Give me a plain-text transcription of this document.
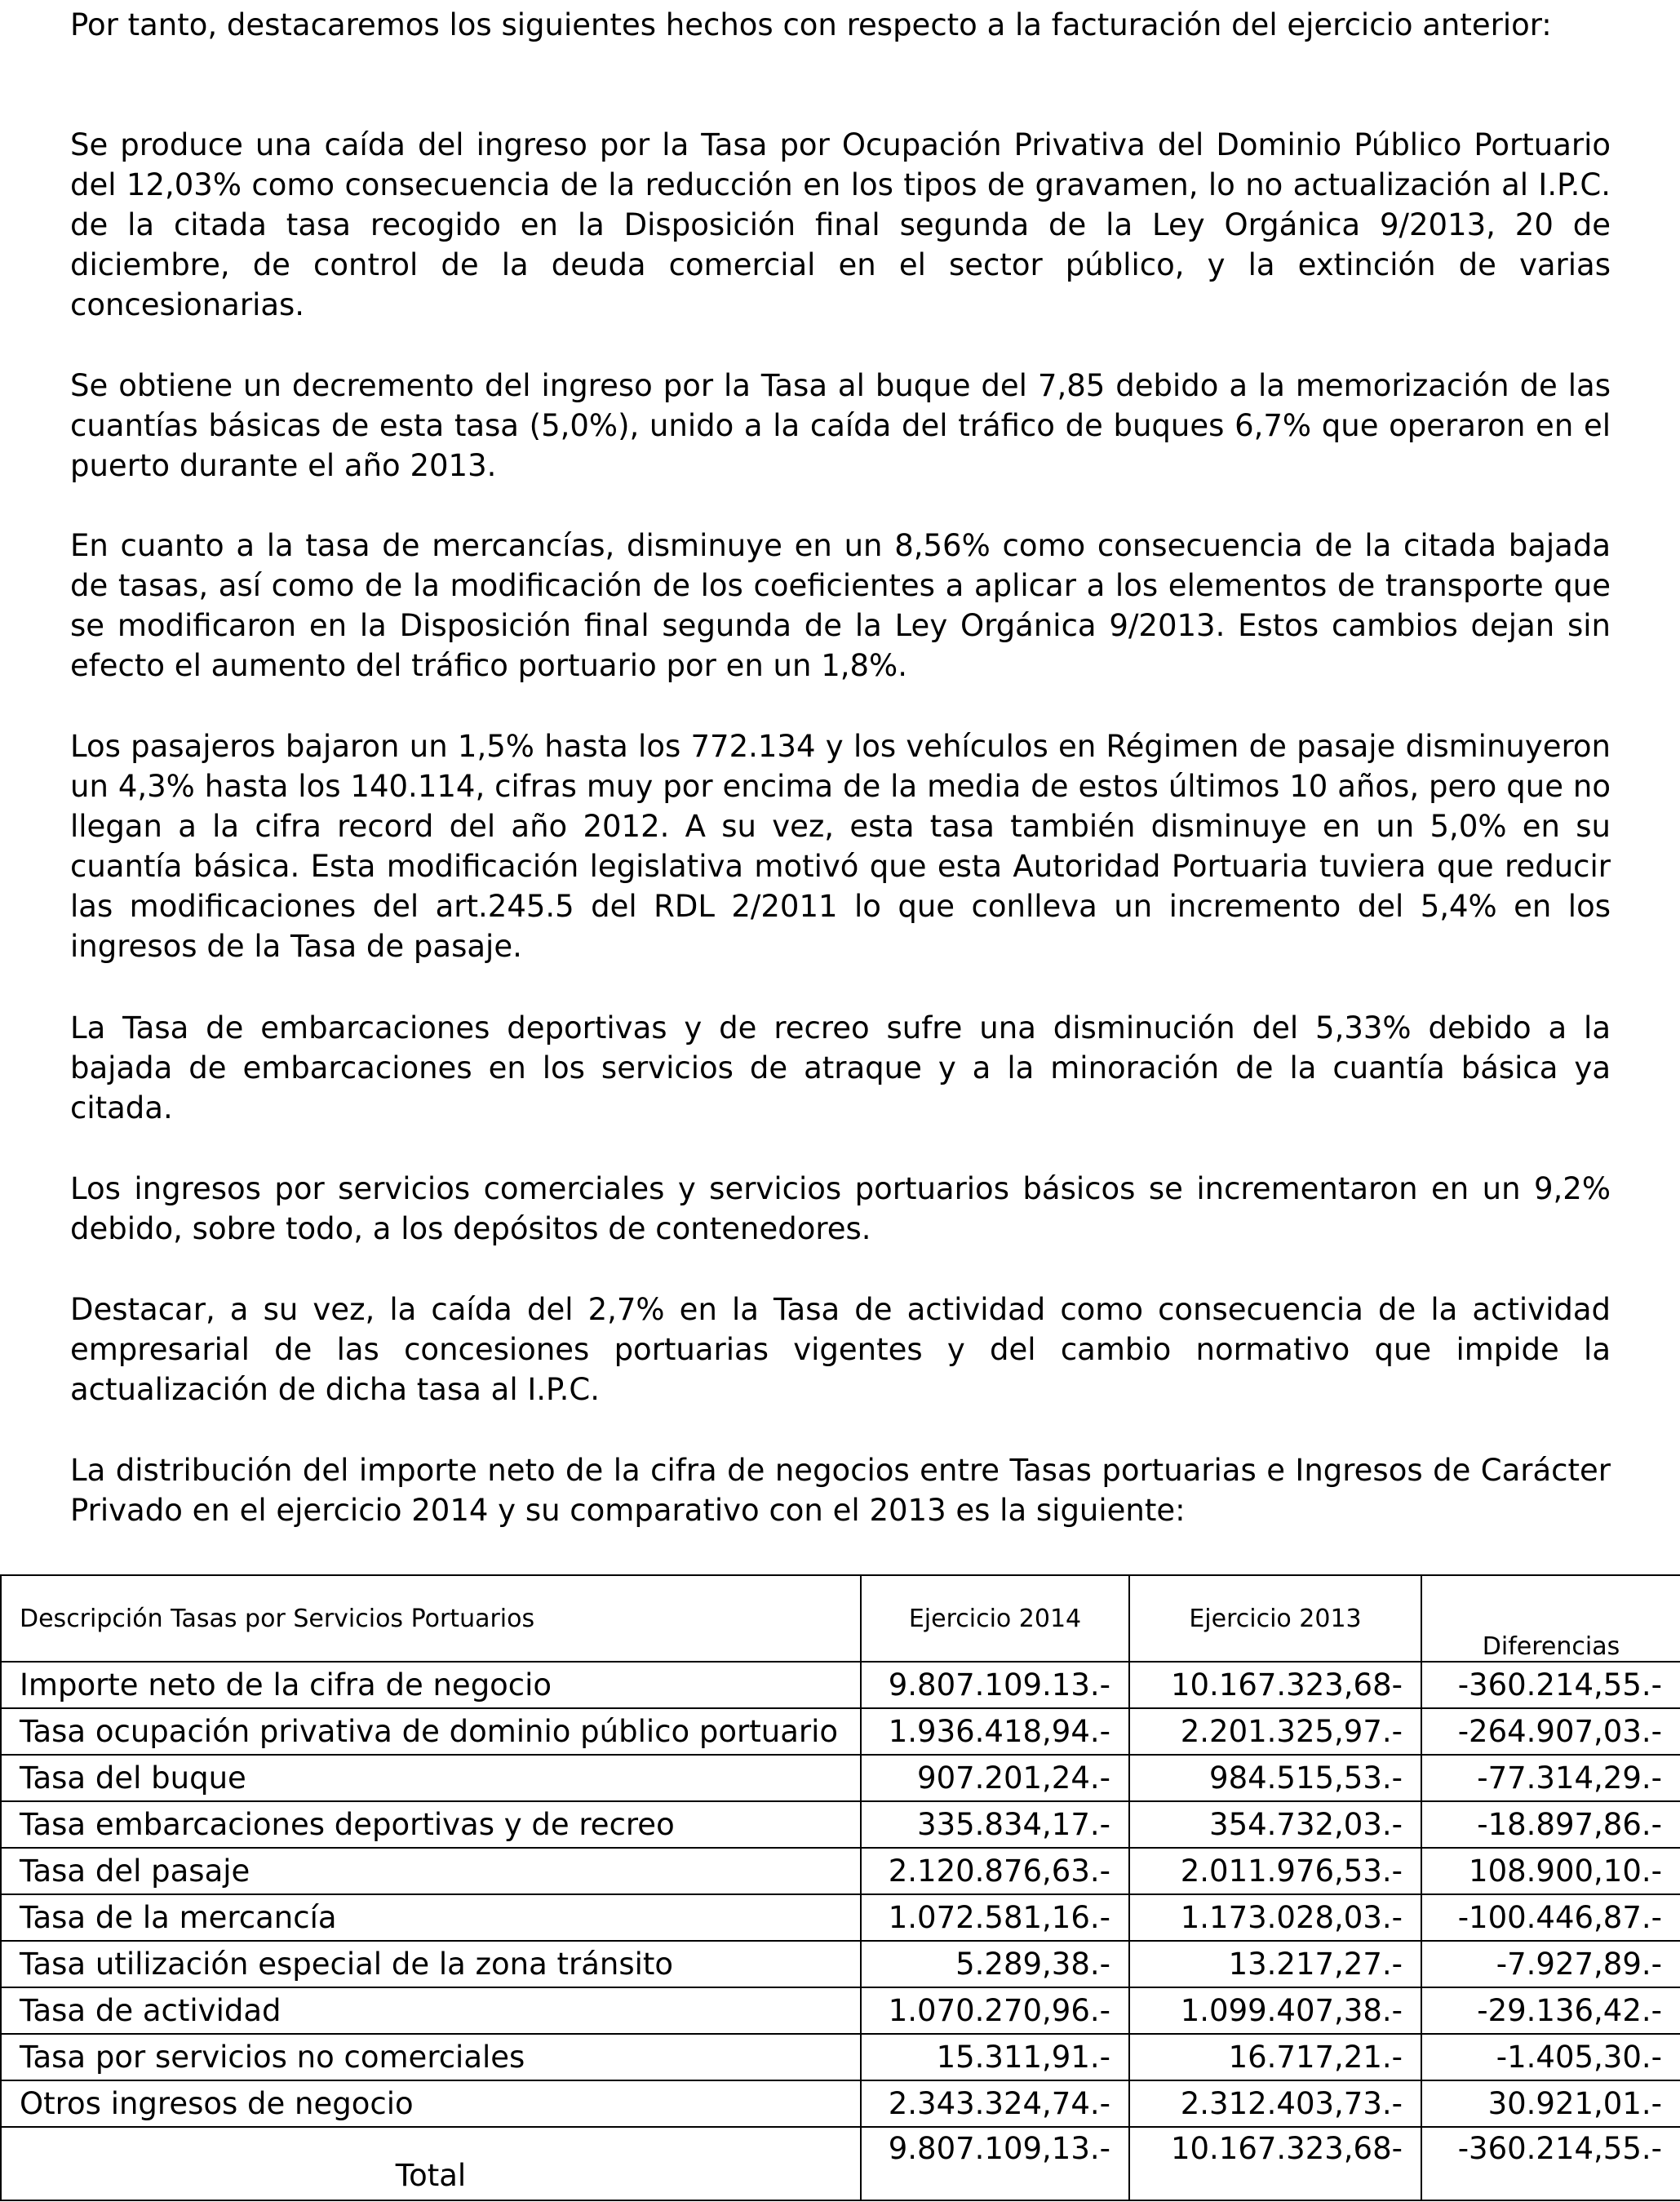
Por tanto, destacaremos los siguientes hechos con respecto a la facturación del ejercicio anterior:

Se produce una caída del ingreso por la Tasa por Ocupación Privativa del Dominio Público Portuario del 12,03% como consecuencia de la reducción en los tipos de gravamen, lo no actualización al I.P.C. de la citada tasa recogido en la Disposición final segunda de la Ley Orgánica 9/2013, 20 de diciembre, de control de la deuda comercial en el sector público, y la extinción de varias concesionarias.

Se obtiene un decremento del ingreso por la Tasa al buque del 7,85 debido a la memorización de las cuantías básicas de esta tasa (5,0%), unido a la caída del tráfico de buques 6,7% que operaron en el puerto durante el año 2013.

En cuanto a la tasa de mercancías, disminuye en un 8,56% como consecuencia de la citada bajada de tasas, así como de la modificación de los coeficientes a aplicar a los elementos de transporte que se modificaron en la Disposición final segunda de la Ley Orgánica 9/2013. Estos cambios dejan sin efecto el aumento del tráfico portuario por en un 1,8%.

Los pasajeros bajaron un 1,5% hasta los 772.134 y los vehículos en Régimen de pasaje disminuyeron un 4,3% hasta los 140.114, cifras muy por encima de la media de estos últimos 10 años, pero que no llegan a la cifra record del año 2012. A su vez, esta tasa también disminuye en un 5,0% en su cuantía básica. Esta modificación legislativa motivó que esta Autoridad Portuaria tuviera que reducir las modificaciones del art.245.5 del RDL 2/2011 lo que conlleva un incremento del 5,4% en los ingresos de la Tasa de pasaje.

La Tasa de embarcaciones deportivas y de recreo sufre una disminución del 5,33% debido a la bajada de embarcaciones en los servicios de atraque y a la minoración de la cuantía básica ya citada.

Los ingresos por servicios comerciales y servicios portuarios básicos se incrementaron en un 9,2% debido, sobre todo, a los depósitos de contenedores.

Destacar, a su vez, la caída del 2,7% en la Tasa de actividad como consecuencia de la actividad empresarial de las concesiones portuarias vigentes y del cambio normativo que impide la actualización de dicha tasa al I.P.C.

La distribución del importe neto de la cifra de negocios entre Tasas portuarias e Ingresos de Carácter Privado en el ejercicio 2014 y su comparativo con el 2013 es la siguiente:

Descripción Tasas por Servicios Portuarios	Ejercicio 2014	Ejercicio 2013	Diferencias
Importe neto de la cifra de negocio	9.807.109.13.-	10.167.323,68-	-360.214,55.-
Tasa ocupación privativa de dominio público portuario	1.936.418,94.-	2.201.325,97.-	-264.907,03.-
Tasa del buque	907.201,24.-	984.515,53.-	-77.314,29.-
Tasa embarcaciones deportivas y de recreo	335.834,17.-	354.732,03.-	-18.897,86.-
Tasa del pasaje	2.120.876,63.-	2.011.976,53.-	108.900,10.-
Tasa de la mercancía	1.072.581,16.-	1.173.028,03.-	-100.446,87.-
Tasa utilización especial de la zona tránsito	5.289,38.-	13.217,27.-	-7.927,89.-
Tasa de actividad	1.070.270,96.-	1.099.407,38.-	-29.136,42.-
Tasa por servicios no comerciales	15.311,91.-	16.717,21.-	-1.405,30.-
Otros ingresos de negocio	2.343.324,74.-	2.312.403,73.-	30.921,01.-
Total	9.807.109,13.-	10.167.323,68-	-360.214,55.-
